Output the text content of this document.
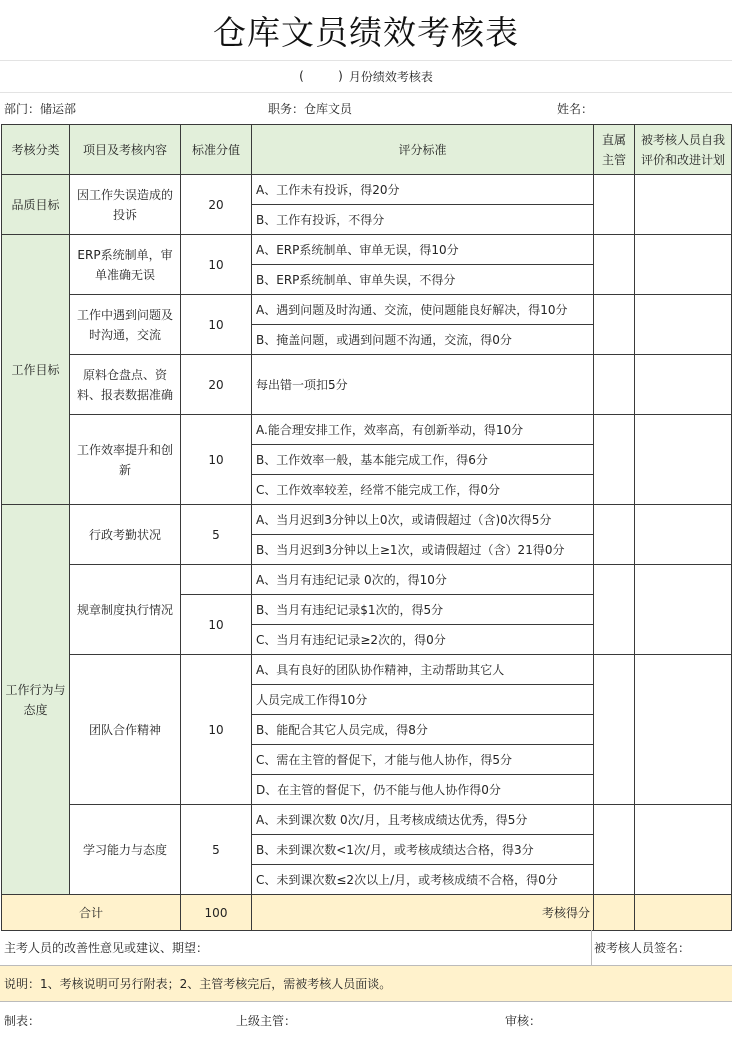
仓库文员绩效考核表
(         ) 月份绩效考核表
部门：储运部	职务：仓库文员	姓名：
考核分类	项目及考核内容	标准分值	评分标准	直属主管	被考核人员自我评价和改进计划
品质目标	因工作失误造成的投诉	20	A、工作未有投诉，得20分		
			B、工作有投诉，不得分		
工作目标	ERP系统制单，审单准确无误	10	A、ERP系统制单、审单无误，得10分		
			B、ERP系统制单、审单失误，不得分		
	工作中遇到问题及时沟通，交流	10	A、遇到问题及时沟通、交流，使问题能良好解决，得10分		
			B、掩盖问题，或遇到问题不沟通，交流，得0分		
	原料仓盘点、资料、报表数据准确	20	每出错一项扣5分		

	工作效率提升和创新	10	A.能合理安排工作，效率高，有创新举动，得10分		
			B、工作效率一般，基本能完成工作，得6分		
			C、工作效率较差，经常不能完成工作，得0分		
工作行为与态度	行政考勤状况	5	A、当月迟到3分钟以上0次，或请假超过（含)0次得5分		
			B、当月迟到3分钟以上≥1次，或请假超过（含）21得0分		
	规章制度执行情况		A、当月有违纪记录 0次的，得10分		
		10	B、当月有违纪记录$1次的，得5分		
			C、当月有违纪记录≥2次的，得0分		
	团队合作精神	10	A、具有良好的团队协作精神，主动帮助其它人		
			人员完成工作得10分		
			B、能配合其它人员完成，得8分		
			C、需在主管的督促下，才能与他人协作，得5分		
			D、在主管的督促下，仍不能与他人协作得0分		
	学习能力与态度	5	A、未到课次数 0次/月，且考核成绩达优秀，得5分		
			B、未到课次数<1次/月，或考核成绩达合格，得3分		
			C、未到课次数≤2次以上/月，或考核成绩不合格，得0分		
合计		100	考核得分		
主考人员的改善性意见或建议、期望：	被考核人员签名：
说明：1、考核说明可另行附表；2、主管考核完后，需被考核人员面谈。
制表：	上级主管：	审核：
